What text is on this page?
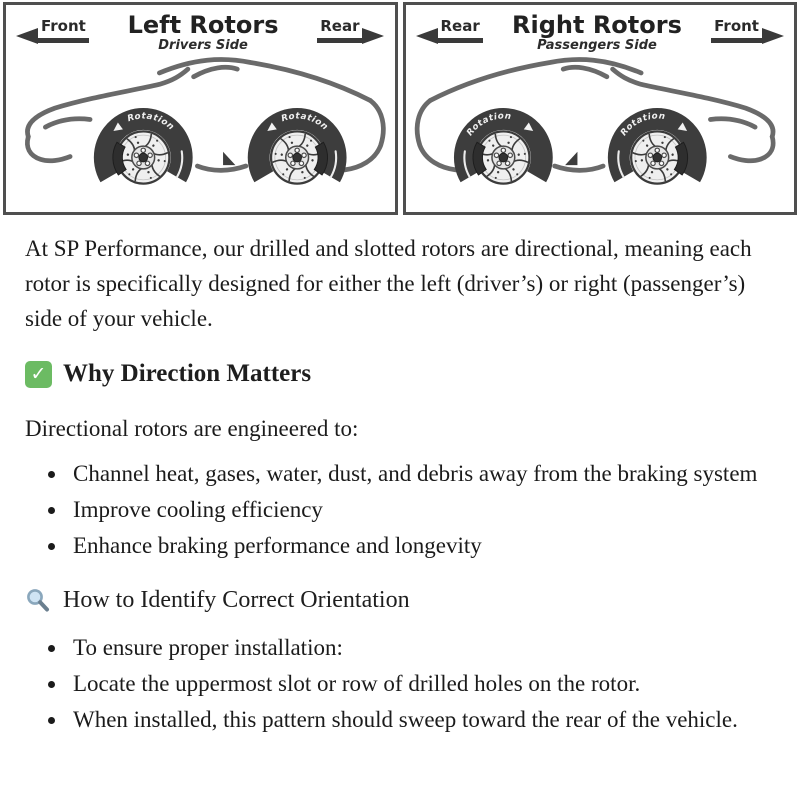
Front Left Rotors
Drivers Side
Rear
Rotation
Rotation
Rear Right Rotors
Passengers Side
Front
Rotation
Rotation

At SP Performance, our drilled and slotted rotors are directional, meaning each rotor is specifically designed for either the left (driver’s) or right (passenger’s) side of your vehicle.

✓
Why Direction Matters

Directional rotors are engineered to:

• Channel heat, gases, water, dust, and debris away from the braking system
• Improve cooling efficiency
• Enhance braking performance and longevity
How to Identify Correct Orientation
• To ensure proper installation:
• Locate the uppermost slot or row of drilled holes on the rotor.
• When installed, this pattern should sweep toward the rear of the vehicle.
